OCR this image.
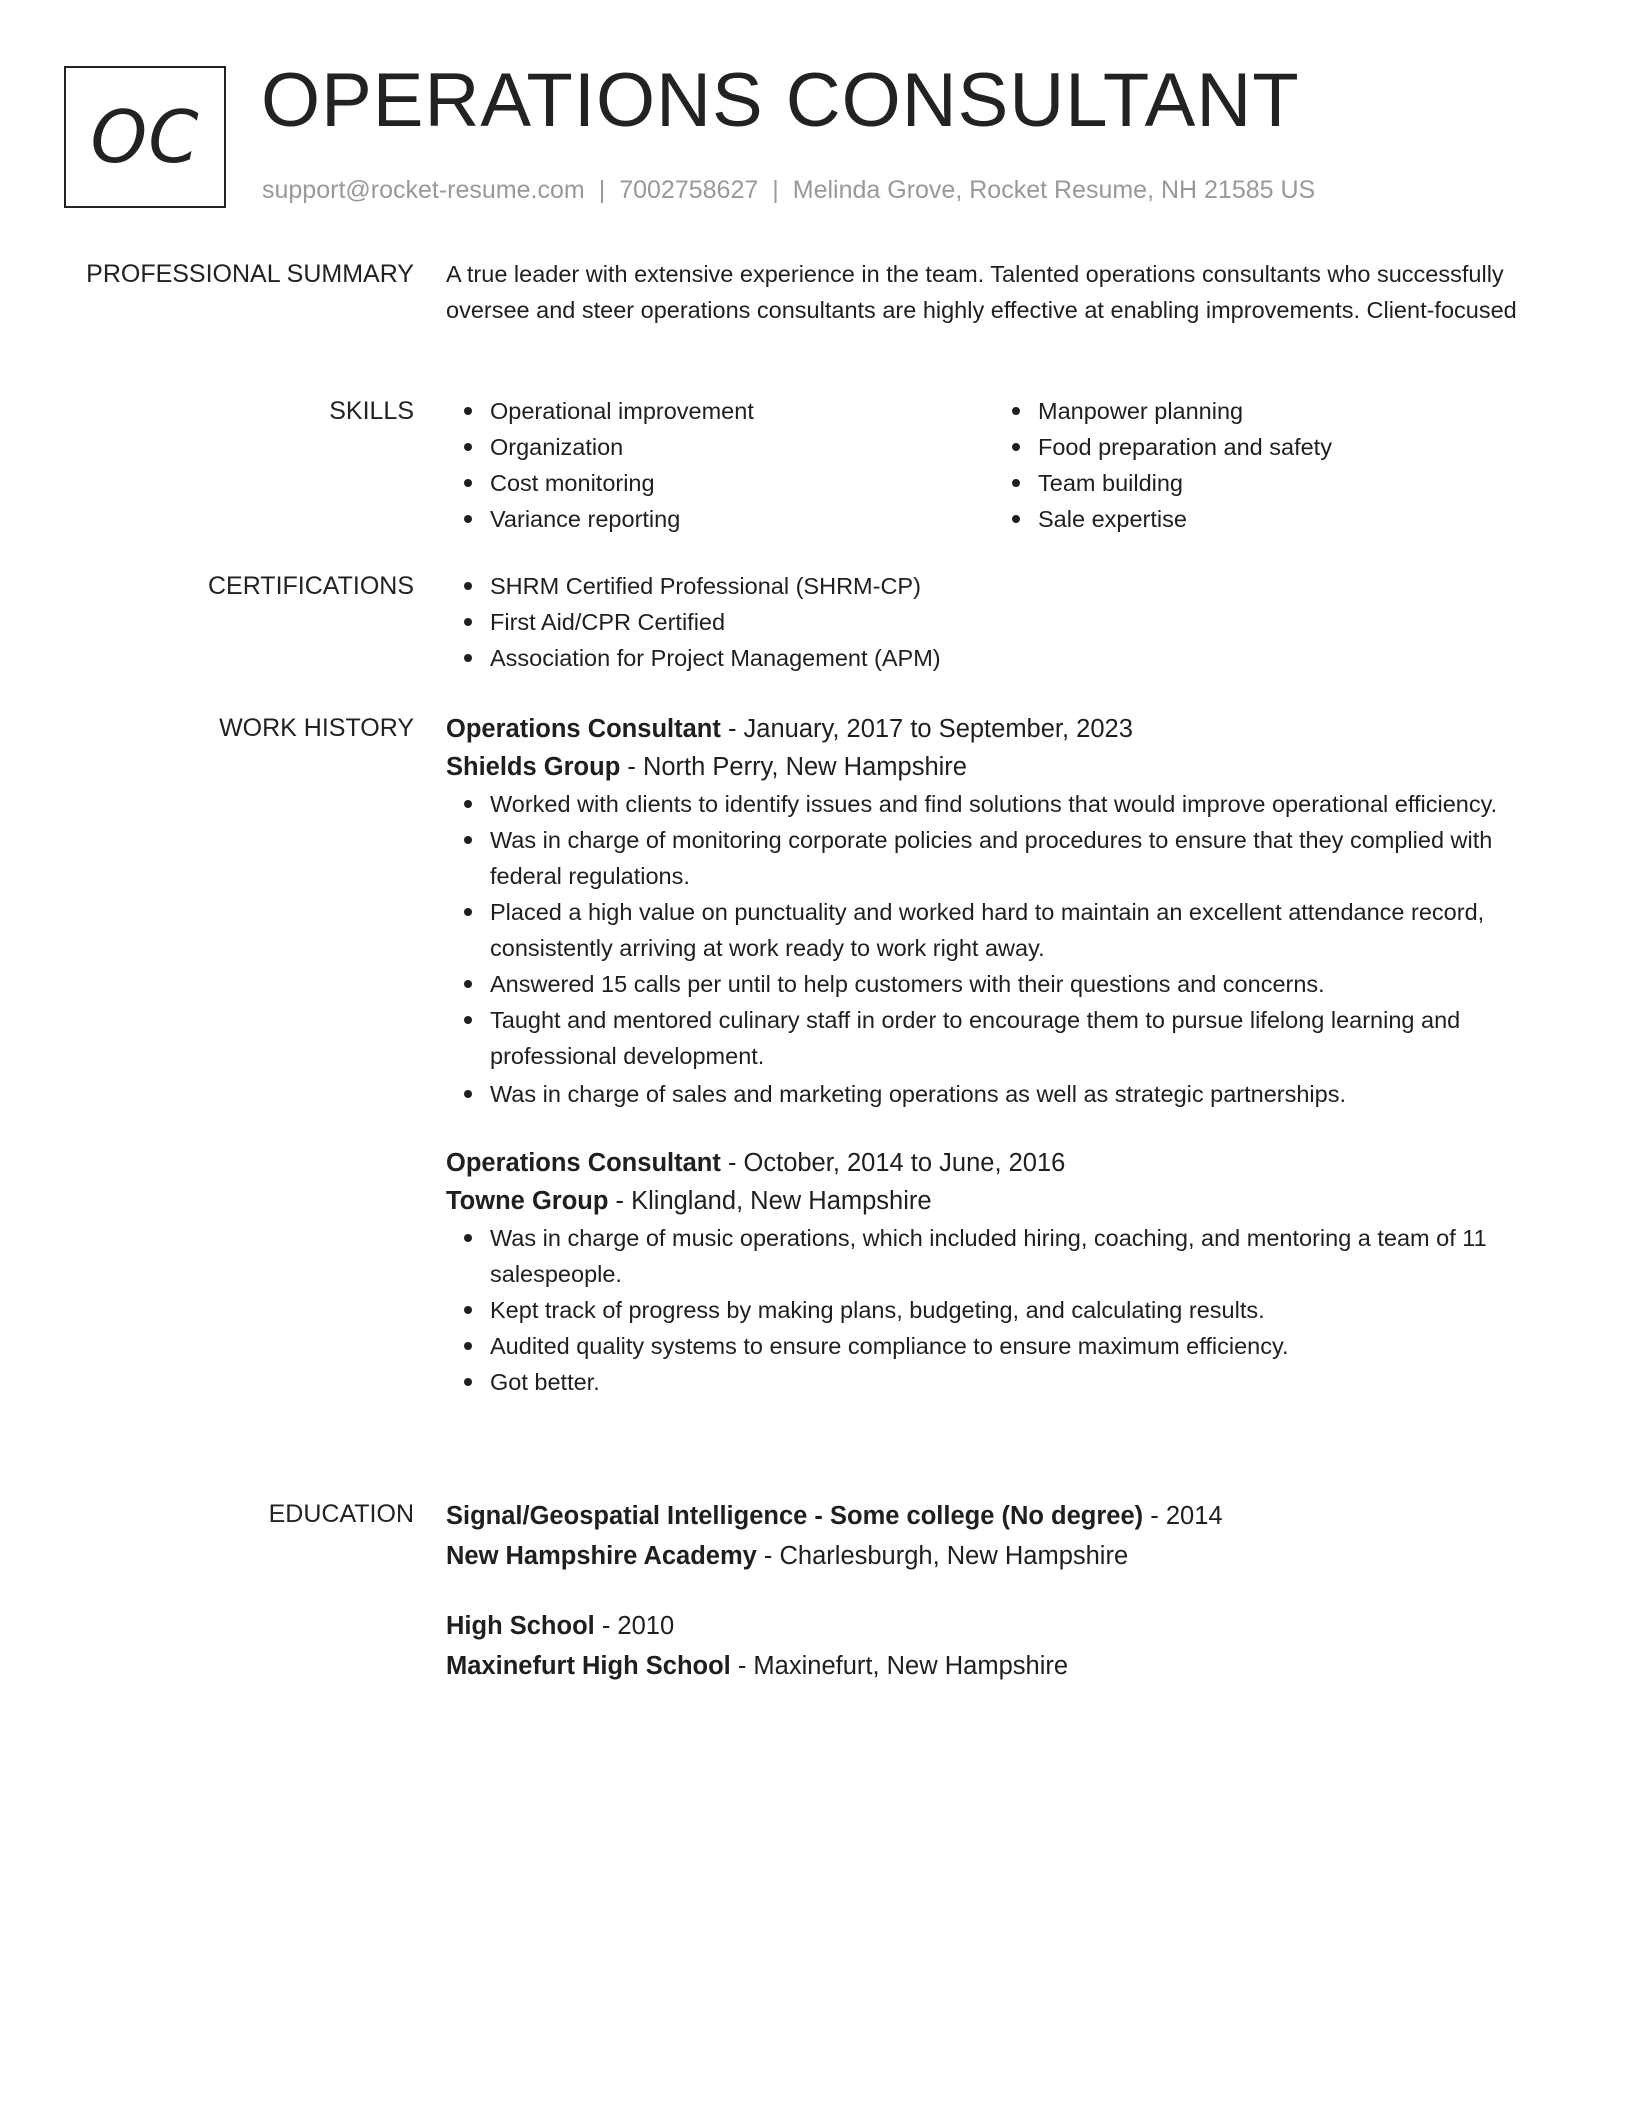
OC OPERATIONS CONSULTANT
support@rocket-resume.com | 7002758627 | Melinda Grove, Rocket Resume, NH 21585 US
PROFESSIONAL SUMMARY A true leader with extensive experience in the team. Talented operations consultants who successfully oversee and steer operations consultants are highly effective at enabling improvements. Client-focused

SKILLS	Operational improvement
Organization
Cost monitoring
Variance reporting
Manpower planning
Food preparation and safety
Team building
Sale expertise
CERTIFICATIONS	SHRM Certified Professional (SHRM-CP)
First Aid/CPR Certified
Association for Project Management (APM)
WORK HISTORY Operations Consultant - January, 2017 to September, 2023
Shields Group - North Perry, New Hampshire
Worked with clients to identify issues and find solutions that would improve operational efficiency.
Was in charge of monitoring corporate policies and procedures to ensure that they complied with federal regulations.
Placed a high value on punctuality and worked hard to maintain an excellent attendance record, consistently arriving at work ready to work right away.
Answered 15 calls per until to help customers with their questions and concerns.
Taught and mentored culinary staff in order to encourage them to pursue lifelong learning and professional development.
Was in charge of sales and marketing operations as well as strategic partnerships.
Operations Consultant - October, 2014 to June, 2016
Towne Group - Klingland, New Hampshire
Was in charge of music operations, which included hiring, coaching, and mentoring a team of 11 salespeople.
Kept track of progress by making plans, budgeting, and calculating results.
Audited quality systems to ensure compliance to ensure maximum efficiency.
Got better.
EDUCATION Signal/Geospatial Intelligence - Some college (No degree) - 2014
New Hampshire Academy - Charlesburgh, New Hampshire
High School - 2010
Maxinefurt High School - Maxinefurt, New Hampshire
